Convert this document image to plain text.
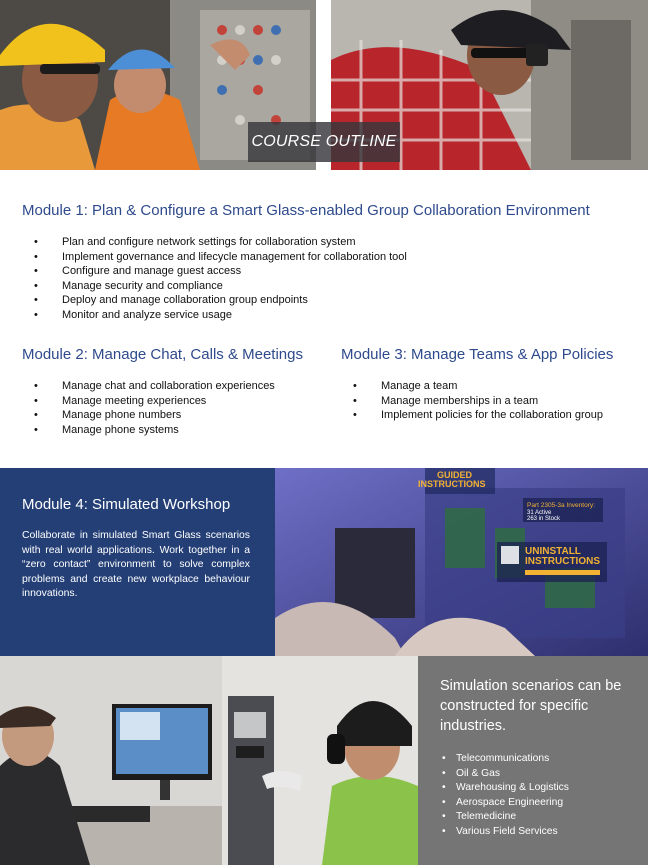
COURSE OUTLINE
Module 1: Plan & Configure a Smart Glass-enabled Group Collaboration Environment
• Plan and configure network settings for collaboration system
• Implement governance and lifecycle management for collaboration tool
• Configure and manage guest access
• Manage security and compliance
• Deploy and manage collaboration group endpoints
• Monitor and analyze service usage
Module 2: Manage Chat, Calls & Meetings
• Manage chat and collaboration experiences
• Manage meeting experiences
• Manage phone numbers
• Manage phone systems
Module 3: Manage Teams & App Policies
• Manage a team
• Manage memberships in a team
• Implement policies for the collaboration group
Module 4: Simulated Workshop

Collaborate in simulated Smart Glass scenarios with real world applications. Work together in a “zero contact” environment to solve complex problems and create new workplace behaviour innovations.

GUIDED
INSTRUCTIONS
Part 2305-3a Inventory:
31 Active
263 in Stock
UNINSTALL
INSTRUCTIONS
Simulation scenarios can be constructed for specific industries.
• Telecommunications
• Oil & Gas
• Warehousing & Logistics
• Aerospace Engineering
• Telemedicine
• Various Field Services
